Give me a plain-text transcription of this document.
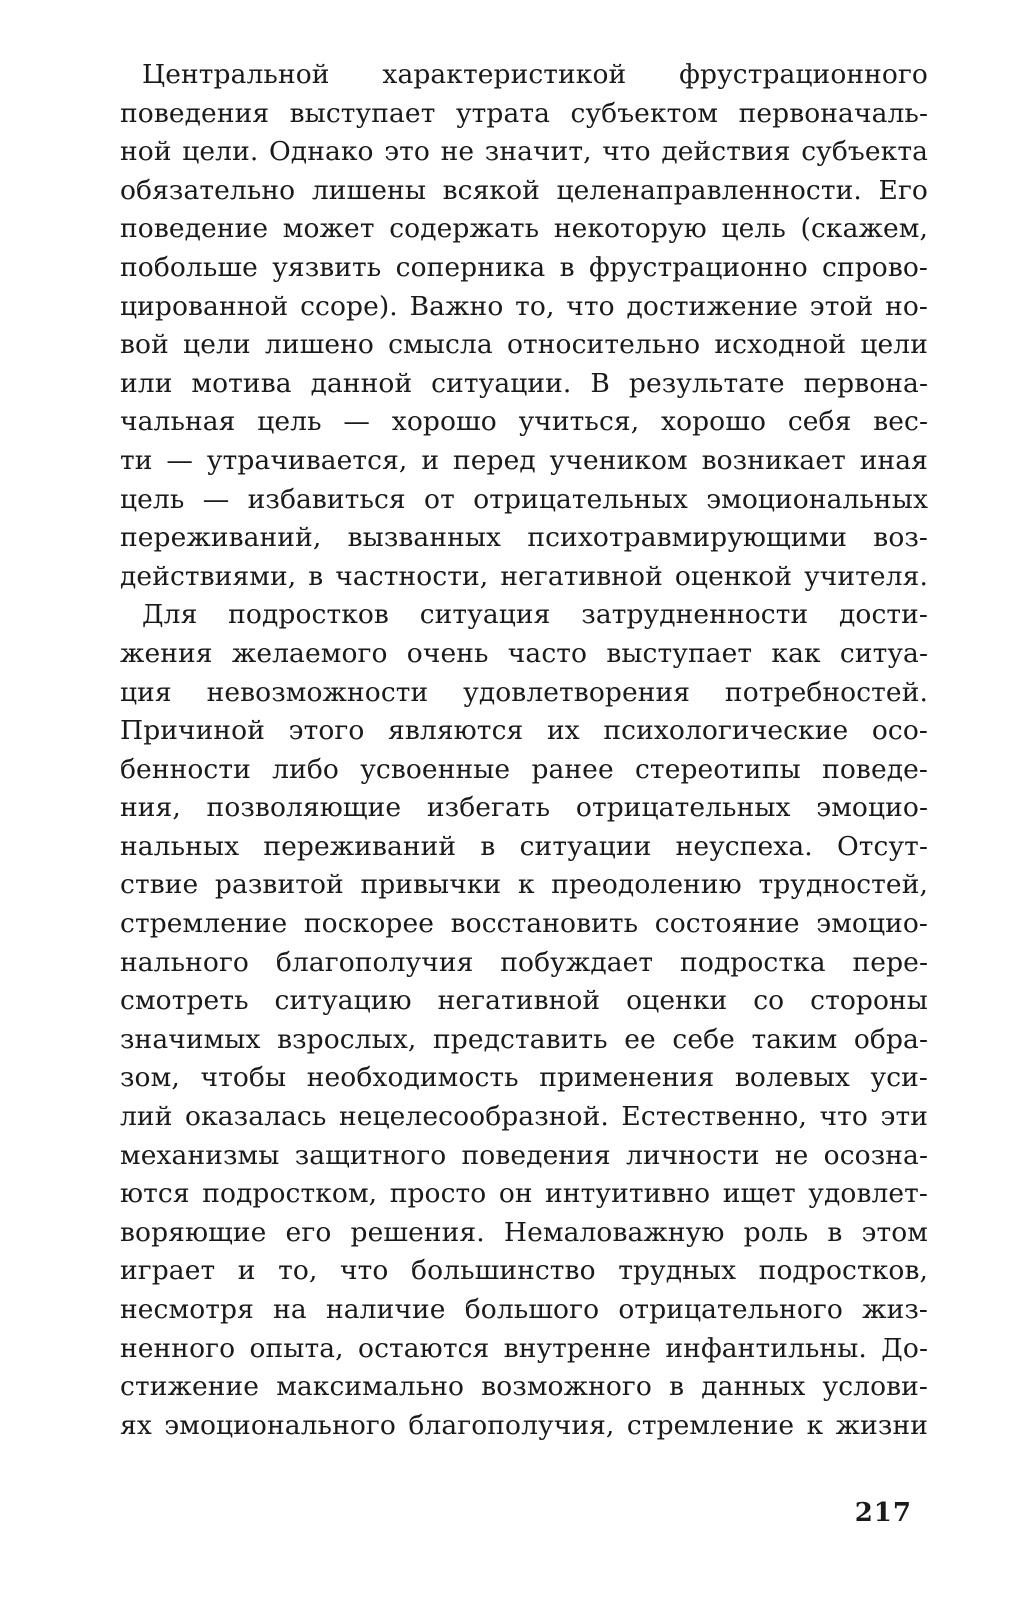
Центральной характеристикой фрустрационного
поведения выступает утрата субъектом первоначаль-
ной цели. Однако это не значит, что действия субъекта
обязательно лишены всякой целенаправленности. Его
поведение может содержать некоторую цель (скажем,
побольше уязвить соперника в фрустрационно спрово-
цированной ссоре). Важно то, что достижение этой но-
вой цели лишено смысла относительно исходной цели
или мотива данной ситуации. В результате первона-
чальная цель — хорошо учиться, хорошо себя вес-
ти — утрачивается, и перед учеником возникает иная
цель — избавиться от отрицательных эмоциональных
переживаний, вызванных психотравмирующими воз-
действиями, в частности, негативной оценкой учителя.
Для подростков ситуация затрудненности дости-
жения желаемого очень часто выступает как ситуа-
ция невозможности удовлетворения потребностей.
Причиной этого являются их психологические осо-
бенности либо усвоенные ранее стереотипы поведе-
ния, позволяющие избегать отрицательных эмоцио-
нальных переживаний в ситуации неуспеха. Отсут-
ствие развитой привычки к преодолению трудностей,
стремление поскорее восстановить состояние эмоцио-
нального благополучия побуждает подростка пере-
смотреть ситуацию негативной оценки со стороны
значимых взрослых, представить ее себе таким обра-
зом, чтобы необходимость применения волевых уси-
лий оказалась нецелесообразной. Естественно, что эти
механизмы защитного поведения личности не осозна-
ются подростком, просто он интуитивно ищет удовлет-
воряющие его решения. Немаловажную роль в этом
играет и то, что большинство трудных подростков,
несмотря на наличие большого отрицательного жиз-
ненного опыта, остаются внутренне инфантильны. До-
стижение максимально возможного в данных услови-
ях эмоционального благополучия, стремление к жизни
217
